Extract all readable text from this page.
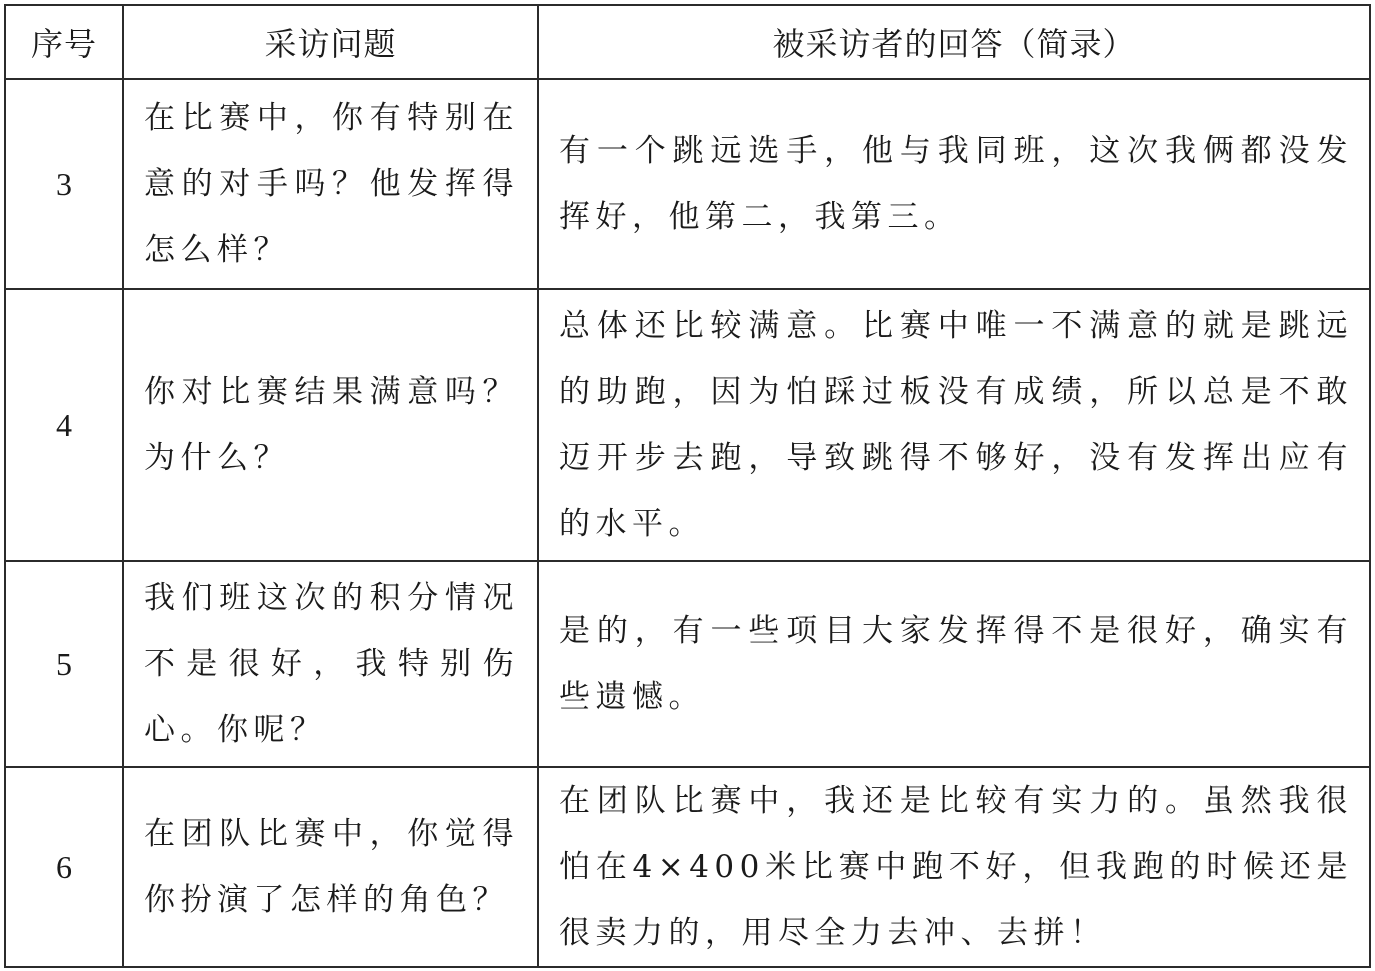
序号	采访问题	被采访者的回答（简录）
3	在比赛中，你有特别在意的对手吗？他发挥得怎么样？	有一个跳远选手，他与我同班，这次我俩都没发挥好，他第二，我第三。
4	你对比赛结果满意吗？为什么？	总体还比较满意。比赛中唯一不满意的就是跳远的助跑，因为怕踩过板没有成绩，所以总是不敢迈开步去跑，导致跳得不够好，没有发挥出应有的水平。
5	我们班这次的积分情况不是很好，我特别伤心。你呢？	是的，有一些项目大家发挥得不是很好，确实有些遗憾。
6	在团队比赛中，你觉得你扮演了怎样的角色？	在团队比赛中，我还是比较有实力的。虽然我很怕在4×400米比赛中跑不好，但我跑的时候还是很卖力的，用尽全力去冲、去拼！
